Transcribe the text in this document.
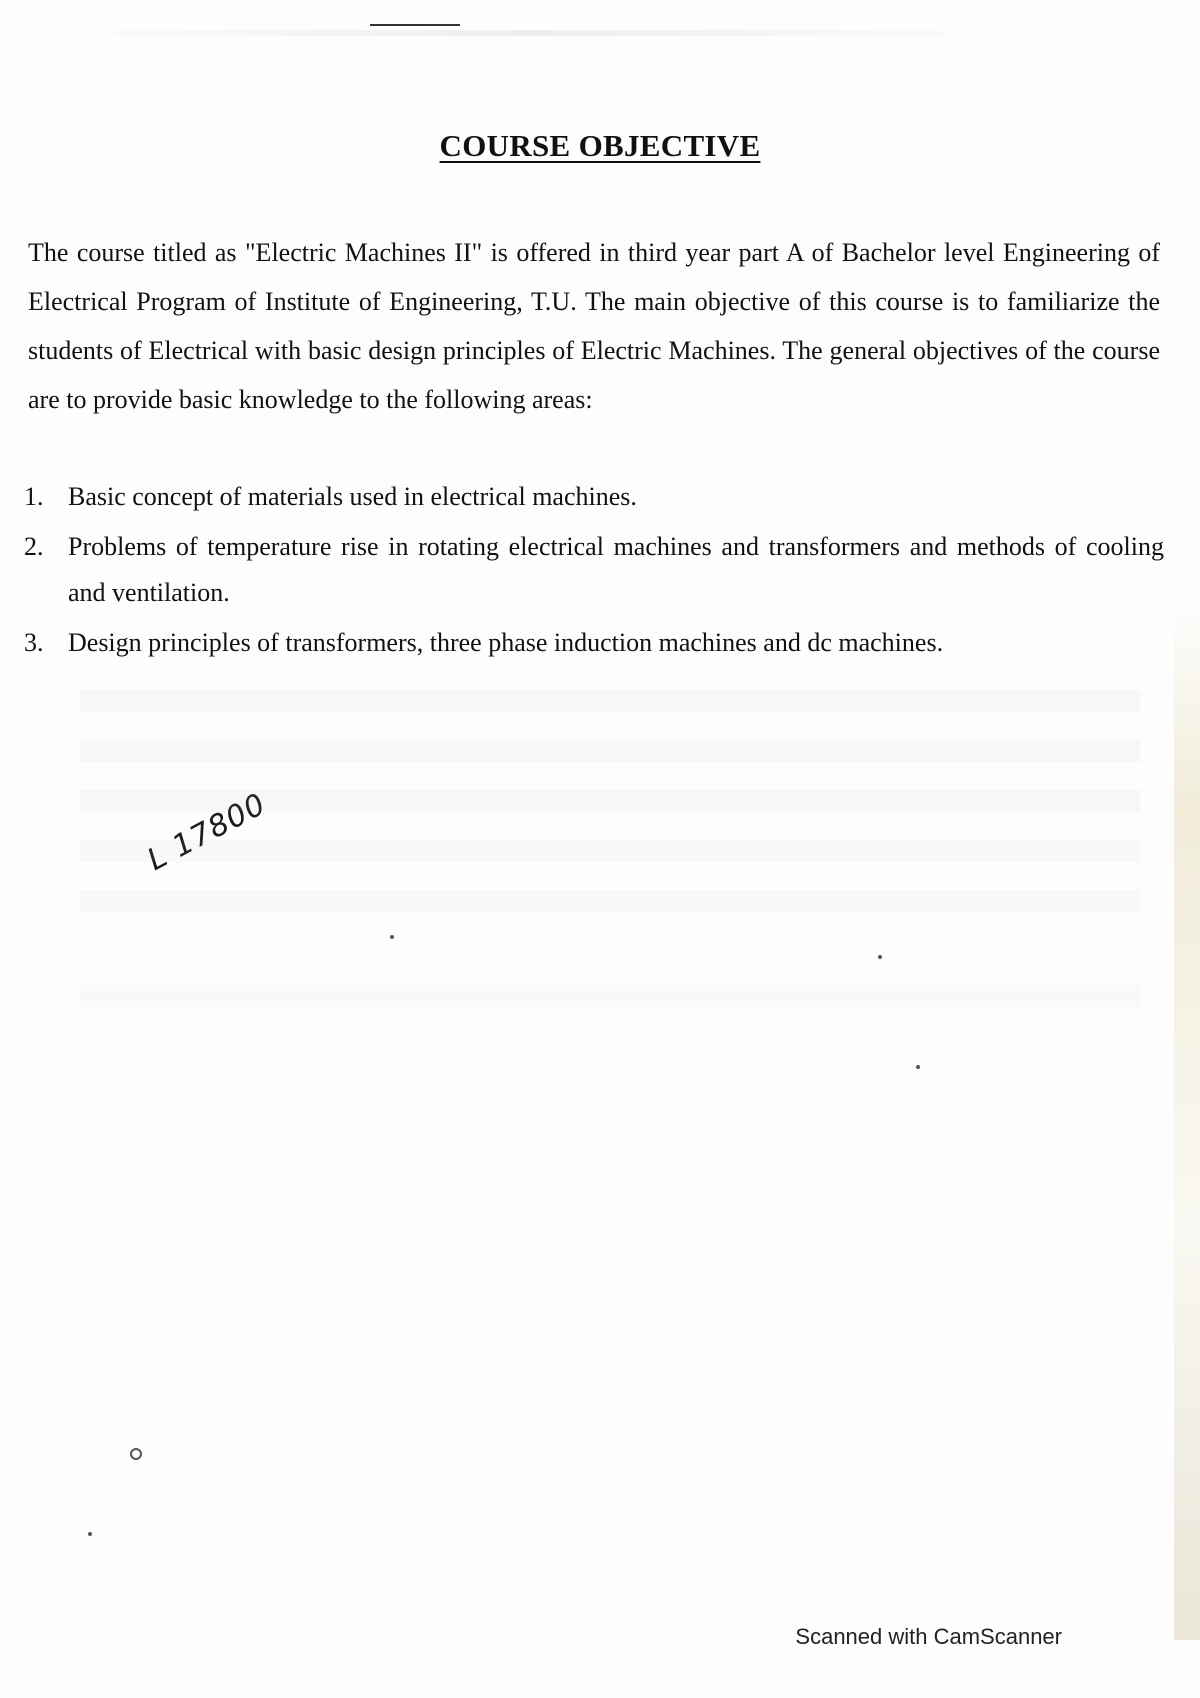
COURSE OBJECTIVE
The course titled as "Electric Machines II" is offered in third year part A of Bachelor level Engineering of Electrical Program of Institute of Engineering, T.U. The main objective of this course is to familiarize the students of Electrical with basic design principles of Electric Machines. The general objectives of the course are to provide basic knowledge to the following areas:
1. Basic concept of materials used in electrical machines.
2. Problems of temperature rise in rotating electrical machines and transformers and methods of cooling and ventilation.
3. Design principles of transformers, three phase induction machines and dc machines.
L 17800
Scanned with CamScanner
